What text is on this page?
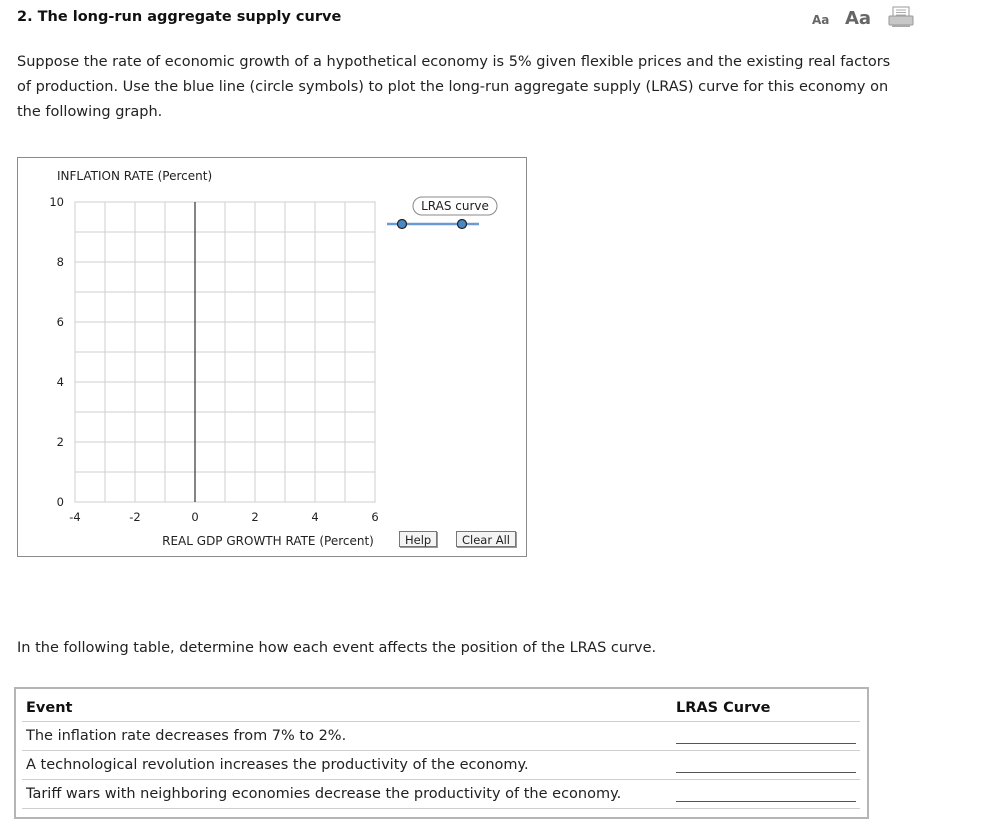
2. The long-run aggregate supply curve	Aa Aa
Suppose the rate of economic growth of a hypothetical economy is 5% given flexible prices and the existing real factors of production. Use the blue line (circle symbols) to plot the long-run aggregate supply (LRAS) curve for this economy on the following graph.
INFLATION RATE (Percent)
-4	-2	0	2	4	6
0
2
4
6
8
10
REAL GDP GROWTH RATE (Percent)
LRAS curve
Help	Clear All
In the following table, determine how each event affects the position of the LRAS curve.
Event	LRAS Curve
The inflation rate decreases from 7% to 2%.	

A technological revolution increases the productivity of the economy.	

Tariff wars with neighboring economies decrease the productivity of the economy.	
